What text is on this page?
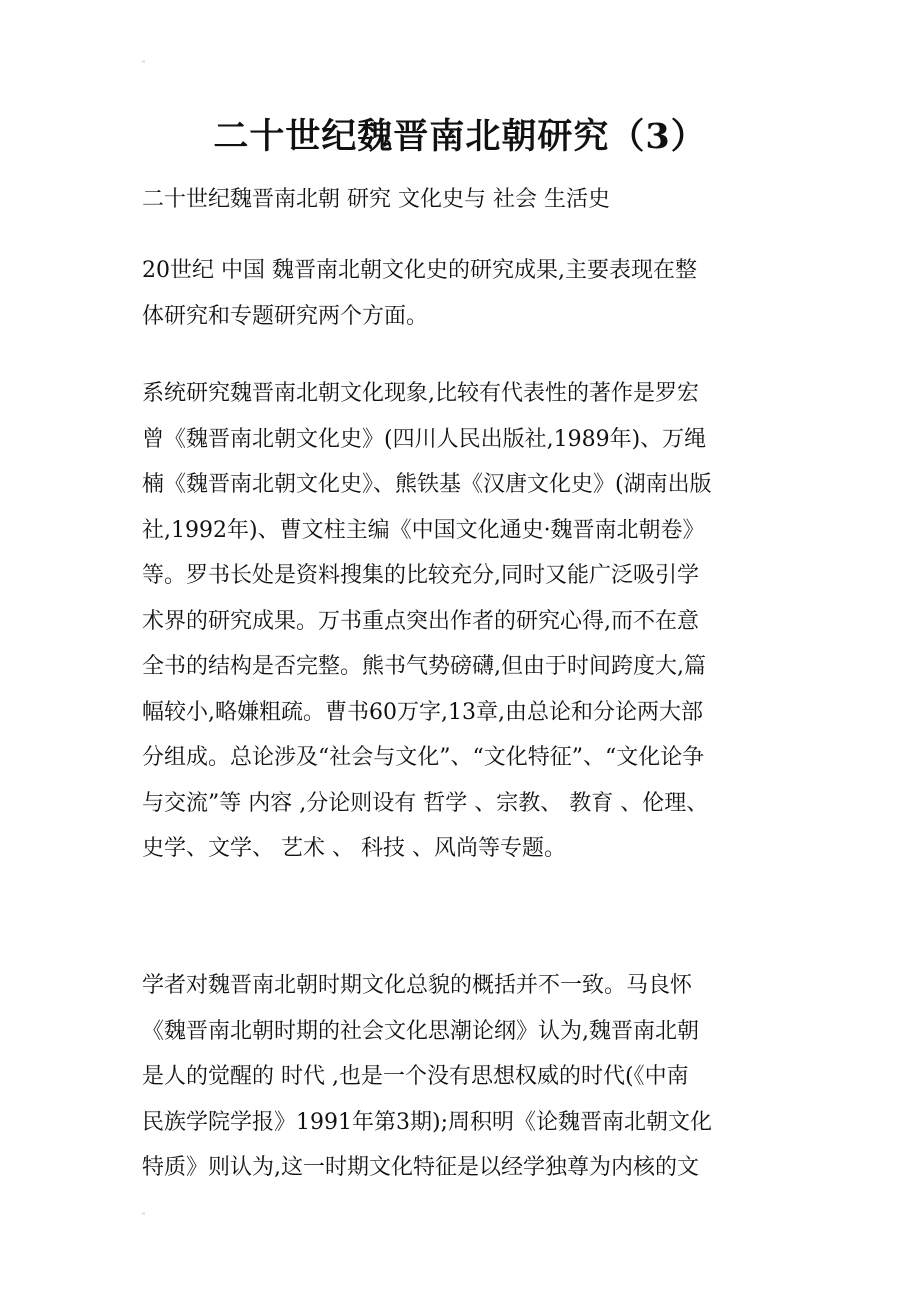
二十世纪魏晋南北朝研究（3）
二十世纪魏晋南北朝 研究 文化史与 社会 生活史
20世纪 中国 魏晋南北朝文化史的研究成果,主要表现在整
体研究和专题研究两个方面。
系统研究魏晋南北朝文化现象,比较有代表性的著作是罗宏
曾《魏晋南北朝文化史》(四川人民出版社,1989年)、万绳
楠《魏晋南北朝文化史》、熊铁基《汉唐文化史》(湖南出版
社,1992年)、曹文柱主编《中国文化通史·魏晋南北朝卷》
等。罗书长处是资料搜集的比较充分,同时又能广泛吸引学
术界的研究成果。万书重点突出作者的研究心得,而不在意
全书的结构是否完整。熊书气势磅礴,但由于时间跨度大,篇
幅较小,略嫌粗疏。曹书60万字,13章,由总论和分论两大部
分组成。总论涉及“社会与文化”、“文化特征”、“文化论争
与交流”等 内容 ,分论则设有 哲学 、宗教、 教育 、伦理、
史学、文学、 艺术 、 科技 、风尚等专题。
学者对魏晋南北朝时期文化总貌的概括并不一致。马良怀
《魏晋南北朝时期的社会文化思潮论纲》认为,魏晋南北朝
是人的觉醒的 时代 ,也是一个没有思想权威的时代(《中南
民族学院学报》1991年第3期);周积明《论魏晋南北朝文化
特质》则认为,这一时期文化特征是以经学独尊为内核的文
